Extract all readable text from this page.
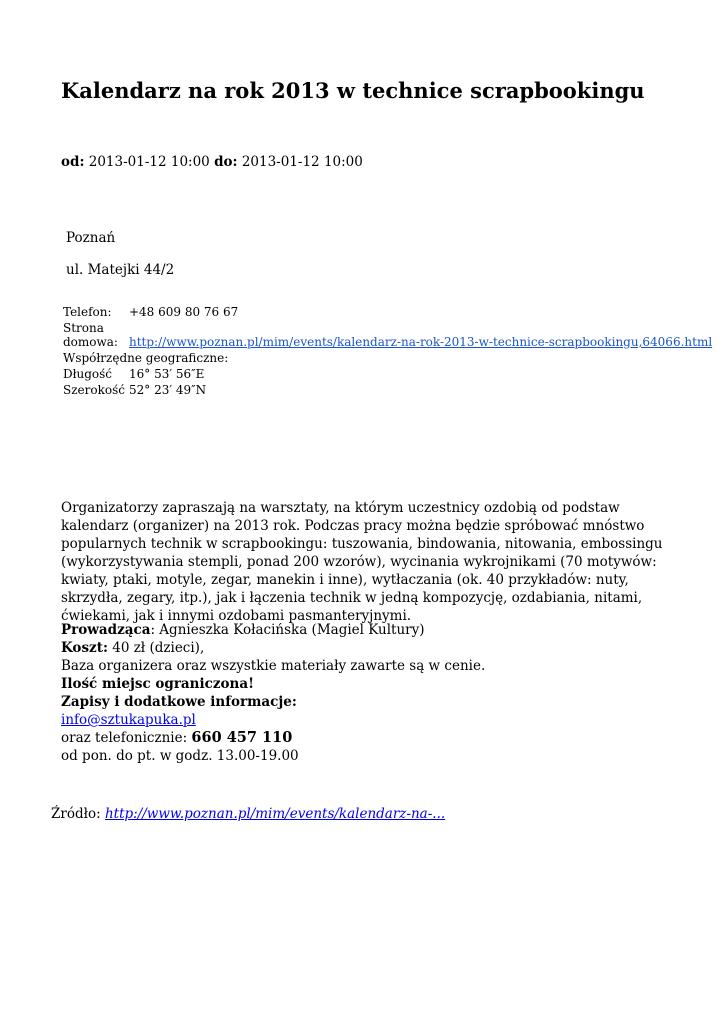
Kalendarz na rok 2013 w technice scrapbookingu
od: 2013-01-12 10:00 do: 2013-01-12 10:00
Poznań
ul. Matejki 44/2
Telefon:	+48 609 80 76 67
Strona
domowa:	http://www.poznan.pl/mim/events/kalendarz-na-rok-2013-w-technice-scrapbookingu,64066.html
Współrzędne geograficzne:	
Długość	16° 53′ 56″E
Szerokość	52° 23′ 49″N

Organizatorzy zapraszają na warsztaty, na którym uczestnicy ozdobią od podstaw kalendarz (organizer) na 2013 rok. Podczas pracy można będzie spróbować mnóstwo popularnych technik w scrapbookingu: tuszowania, bindowania, nitowania, embossingu (wykorzystywania stempli, ponad 200 wzorów), wycinania wykrojnikami (70 motywów: kwiaty, ptaki, motyle, zegar, manekin i inne), wytłaczania (ok. 40 przykładów: nuty, skrzydła, zegary, itp.), jak i łączenia technik w jedną kompozycję, ozdabiania, nitami, ćwiekami, jak i innymi ozdobami pasmanteryjnymi.

Prowadząca: Agnieszka Kołacińska (Magiel Kultury)
Koszt: 40 zł (dzieci),
Baza organizera oraz wszystkie materiały zawarte są w cenie.
Ilość miejsc ograniczona!
Zapisy i dodatkowe informacje:
info@sztukapuka.pl
oraz telefonicznie: 660 457 110
od pon. do pt. w godz. 13.00-19.00
Źródło: http://www.poznan.pl/mim/events/kalendarz-na-...
